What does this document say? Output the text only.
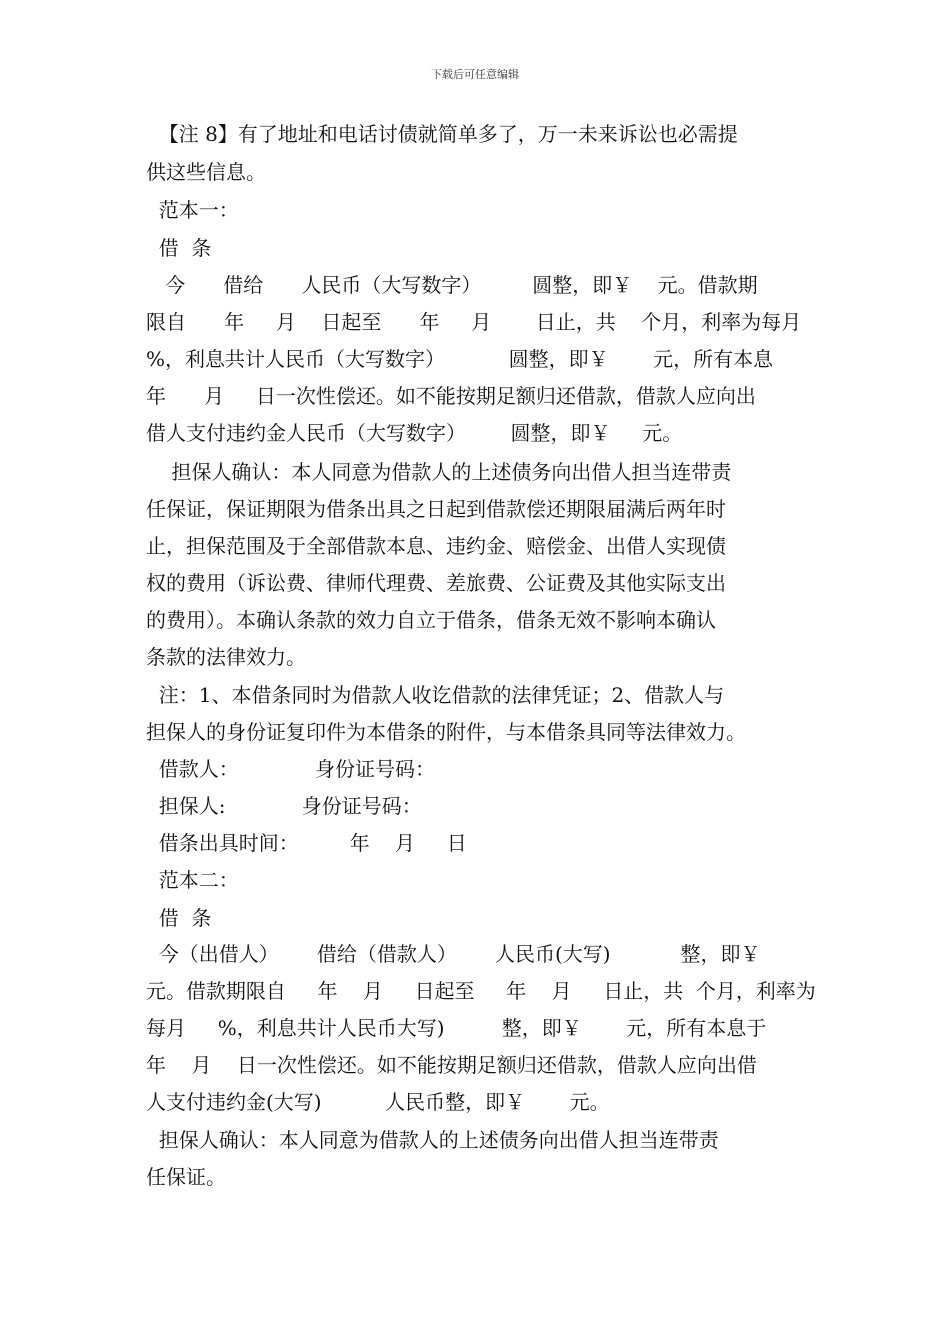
下载后可任意编辑
【注 8】有了地址和电话讨债就简单多了，万一未来诉讼也必需提
供这些信息。
范本一：
借  条
今      借给      人民币（大写数字）        圆整，即￥    元。借款期
限自      年     月    日起至      年     月       日止，共    个月，利率为每月
%，利息共计人民币（大写数字）          圆整，即￥       元，所有本息
年      月     日一次性偿还。如不能按期足额归还借款，借款人应向出
借人支付违约金人民币（大写数字）       圆整，即￥     元。
担保人确认：本人同意为借款人的上述债务向出借人担当连带责
任保证，保证期限为借条出具之日起到借款偿还期限届满后两年时
止，担保范围及于全部借款本息、违约金、赔偿金、出借人实现债
权的费用（诉讼费、律师代理费、差旅费、公证费及其他实际支出
的费用）。本确认条款的效力自立于借条，借条无效不影响本确认
条款的法律效力。
注：1、本借条同时为借款人收讫借款的法律凭证；2、借款人与
担保人的身份证复印件为本借条的附件，与本借条具同等法律效力。
借款人：            身份证号码：
担保人:            身份证号码：
借条出具时间：        年    月     日
范本二：
借  条
今（出借人）      借给（借款人）      人民币(大写)           整，即￥
元。借款期限自     年    月     日起至     年    月     日止，共  个月，利率为
每月     %，利息共计人民币大写)         整，即￥       元，所有本息于
年    月    日一次性偿还。如不能按期足额归还借款，借款人应向出借
人支付违约金(大写)          人民币整，即￥       元。
担保人确认：本人同意为借款人的上述债务向出借人担当连带责
任保证。
